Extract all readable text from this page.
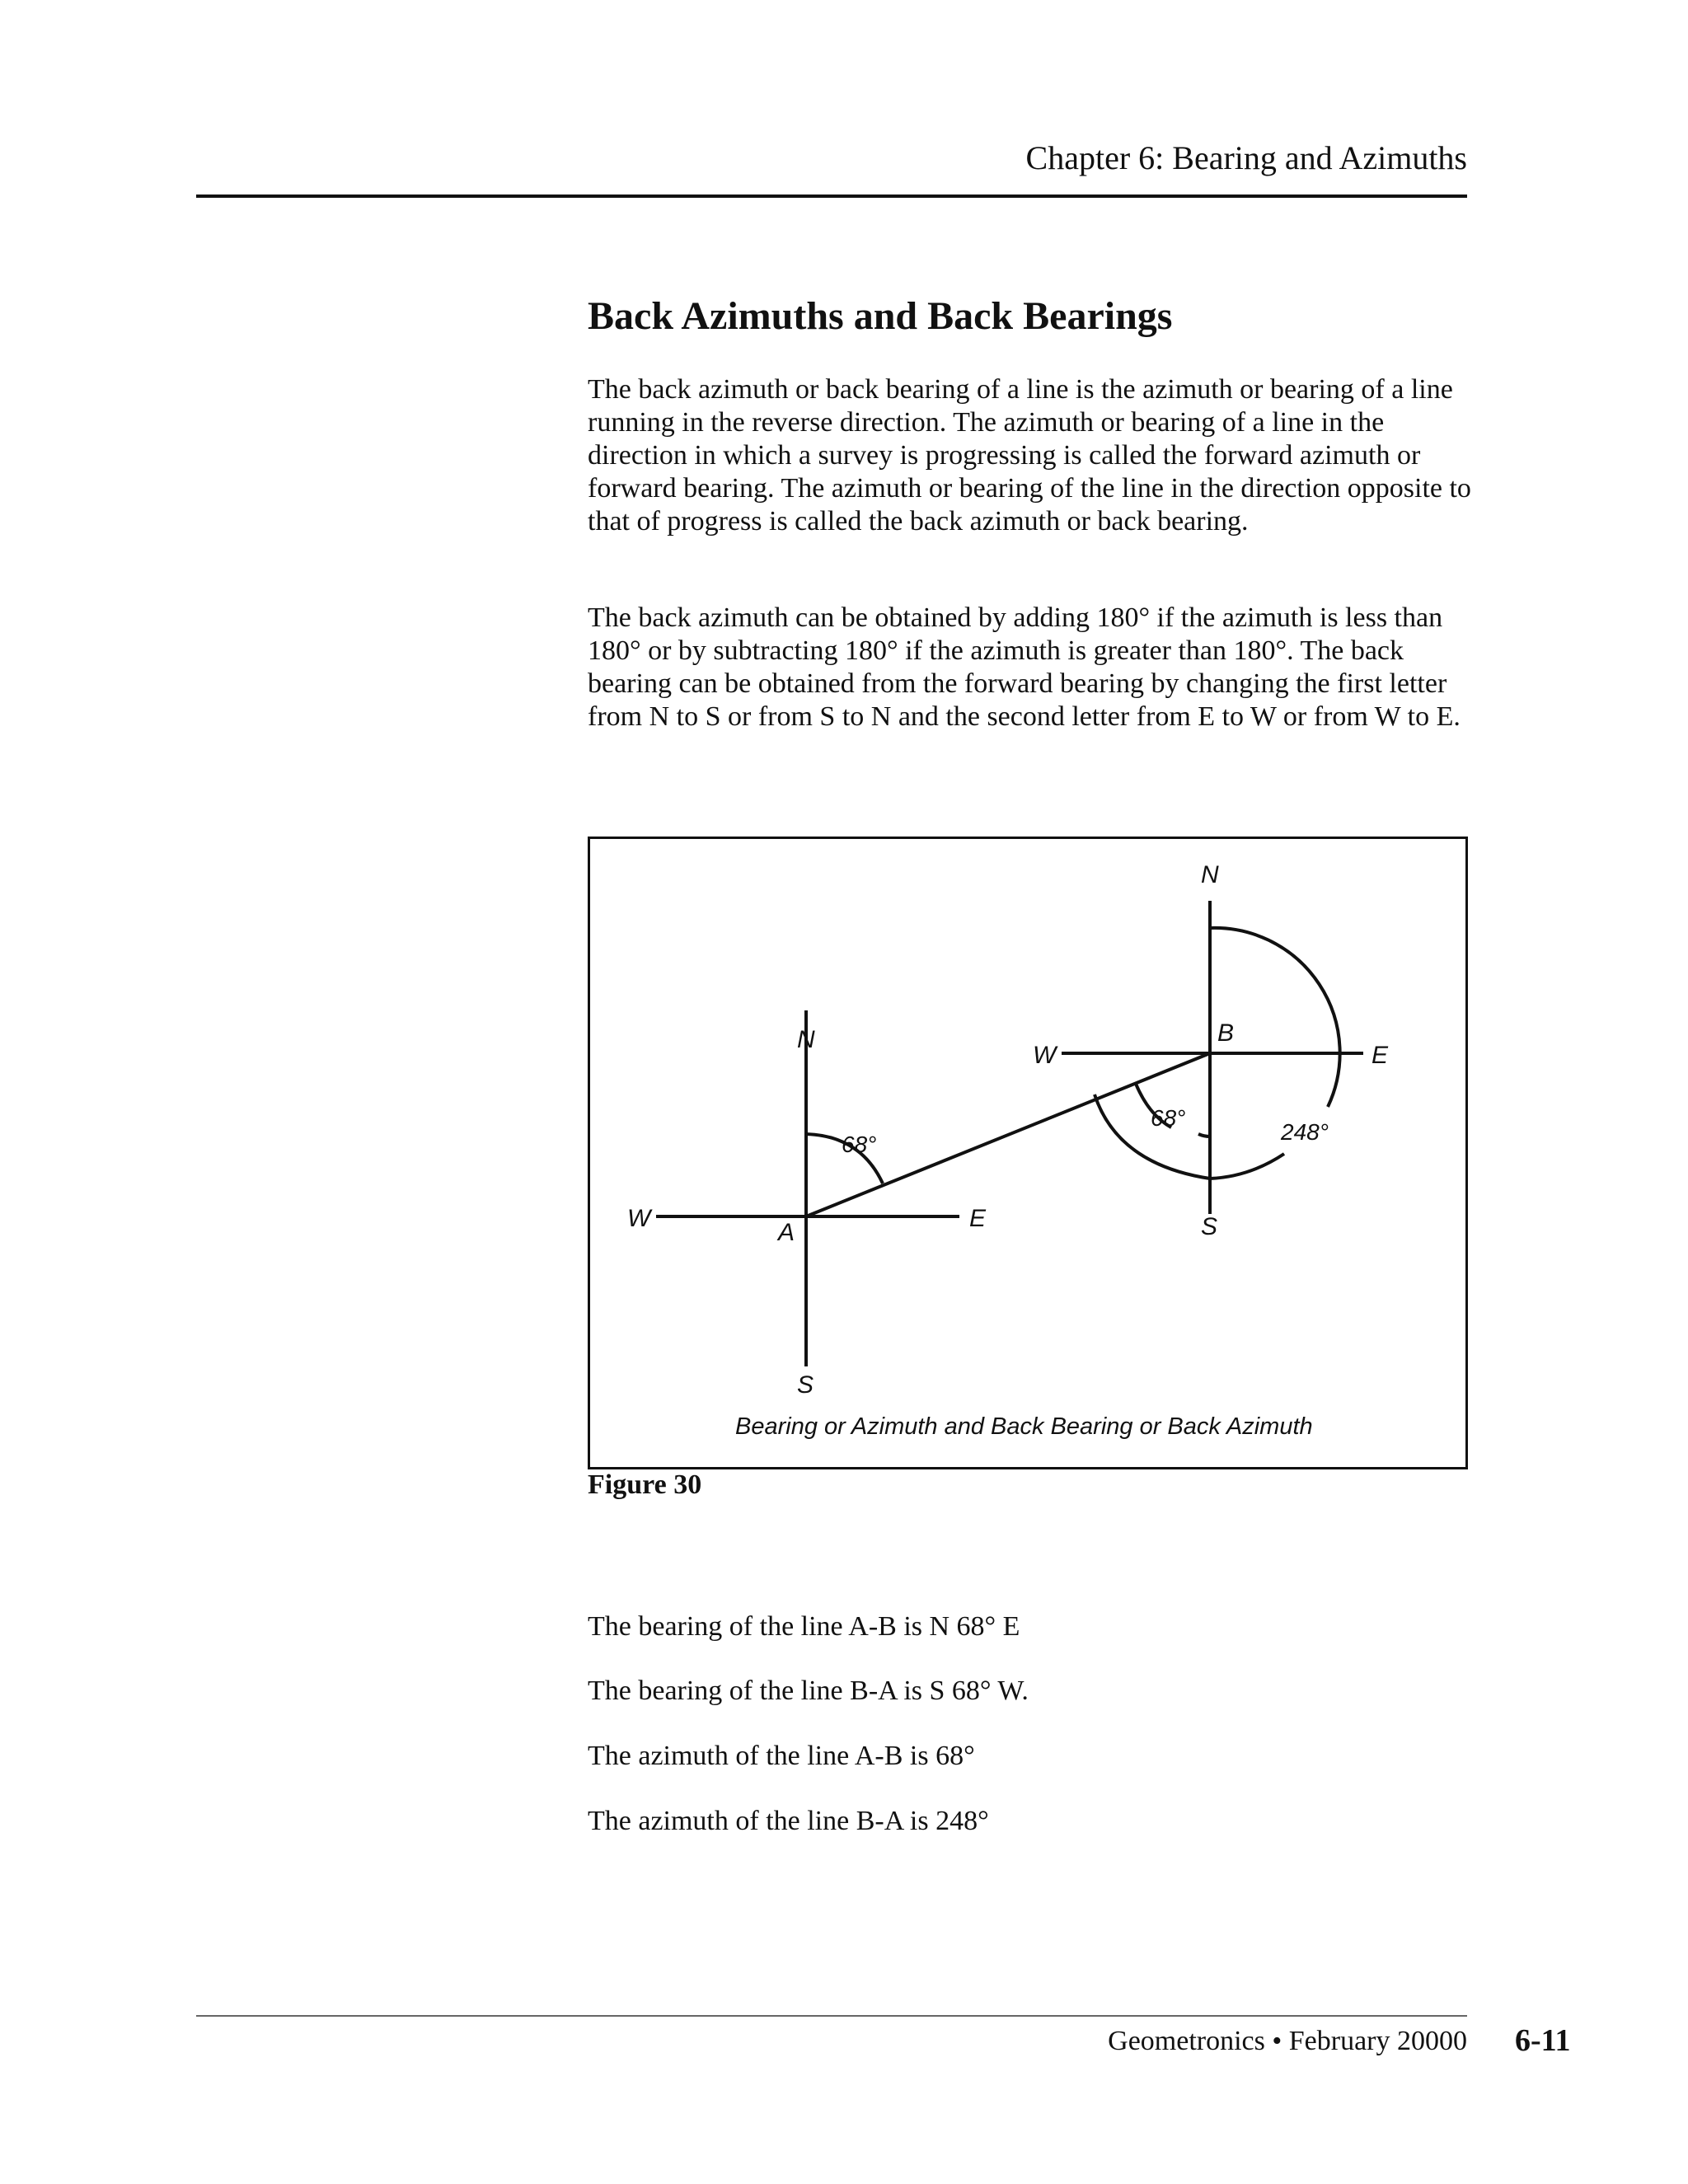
Chapter 6: Bearing and Azimuths
Back Azimuths and Back Bearings

The back azimuth or back bearing of a line is the azimuth or bearing of a line running in the reverse direction. The azimuth or bearing of a line in the direction in which a survey is progressing is called the forward azimuth or forward bearing. The azimuth or bearing of the line in the direction opposite to that of progress is called the back azimuth or back bearing.

The back azimuth can be obtained by adding 180° if the azimuth is less than 180° or by subtracting 180° if the azimuth is greater than 180°. The back bearing can be obtained from the forward bearing by changing the first letter from N to S or from S to N and the second letter from E to W or from W to E.

N
S
E
W
A
N
S
E
W
B
68°
68°
248°
Bearing or Azimuth and Back Bearing or Back Azimuth
Figure 30
The bearing of the line A-B is N 68° E
The bearing of the line B-A is S 68° W.
The azimuth of the line A-B is 68°
The azimuth of the line B-A is 248°
Geometronics • February 20000 6-11
